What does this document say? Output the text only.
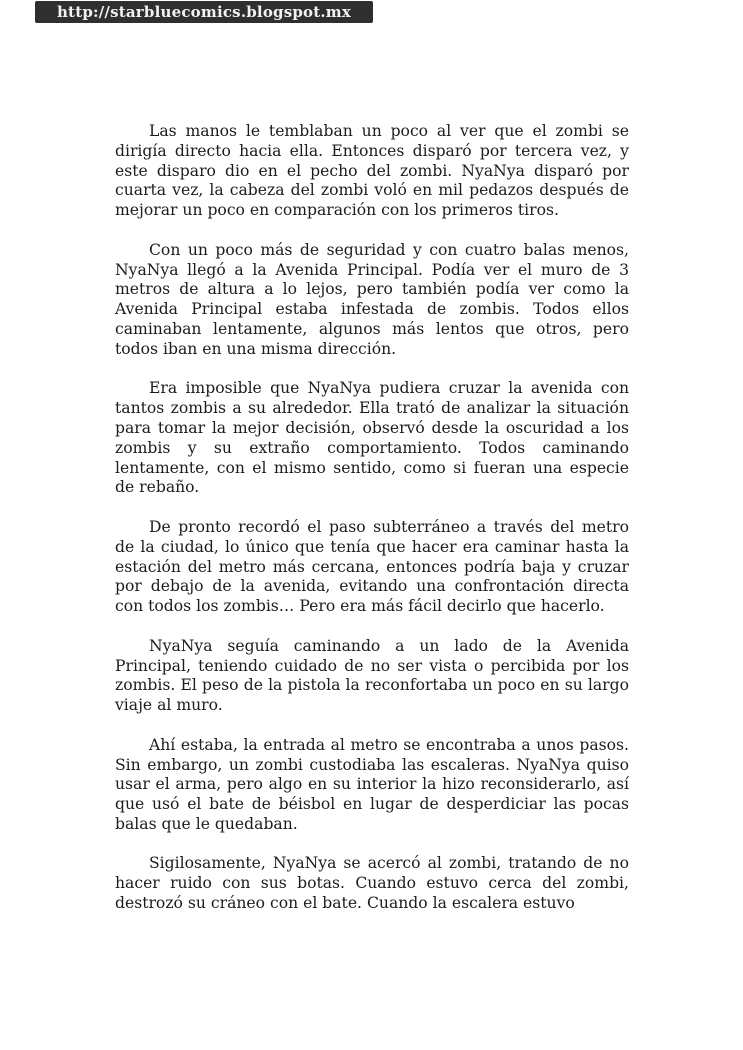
http://starbluecomics.blogspot.mx

Las manos le temblaban un poco al ver que el zombi se dirigía directo hacia ella. Entonces disparó por tercera vez, y este disparo dio en el pecho del zombi. NyaNya disparó por cuarta vez, la cabeza del zombi voló en mil pedazos después de mejorar un poco en comparación con los primeros tiros.

Con un poco más de seguridad y con cuatro balas menos, NyaNya llegó a la Avenida Principal. Podía ver el muro de 3 metros de altura a lo lejos, pero también podía ver como la Avenida Principal estaba infestada de zombis. Todos ellos caminaban lentamente, algunos más lentos que otros, pero todos iban en una misma dirección.

Era imposible que NyaNya pudiera cruzar la avenida con tantos zombis a su alrededor. Ella trató de analizar la situación para tomar la mejor decisión, observó desde la oscuridad a los zombis y su extraño comportamiento. Todos caminando lentamente, con el mismo sentido, como si fueran una especie de rebaño.

De pronto recordó el paso subterráneo a través del metro de la ciudad, lo único que tenía que hacer era caminar hasta la estación del metro más cercana, entonces podría baja y cruzar por debajo de la avenida, evitando una confrontación directa con todos los zombis… Pero era más fácil decirlo que hacerlo.

NyaNya seguía caminando a un lado de la Avenida Principal, teniendo cuidado de no ser vista o percibida por los zombis. El peso de la pistola la reconfortaba un poco en su largo viaje al muro.

Ahí estaba, la entrada al metro se encontraba a unos pasos. Sin embargo, un zombi custodiaba las escaleras. NyaNya quiso usar el arma, pero algo en su interior la hizo reconsiderarlo, así que usó el bate de béisbol en lugar de desperdiciar las pocas balas que le quedaban.

Sigilosamente, NyaNya se acercó al zombi, tratando de no hacer ruido con sus botas. Cuando estuvo cerca del zombi, destrozó su cráneo con el bate. Cuando la escalera estuvo
